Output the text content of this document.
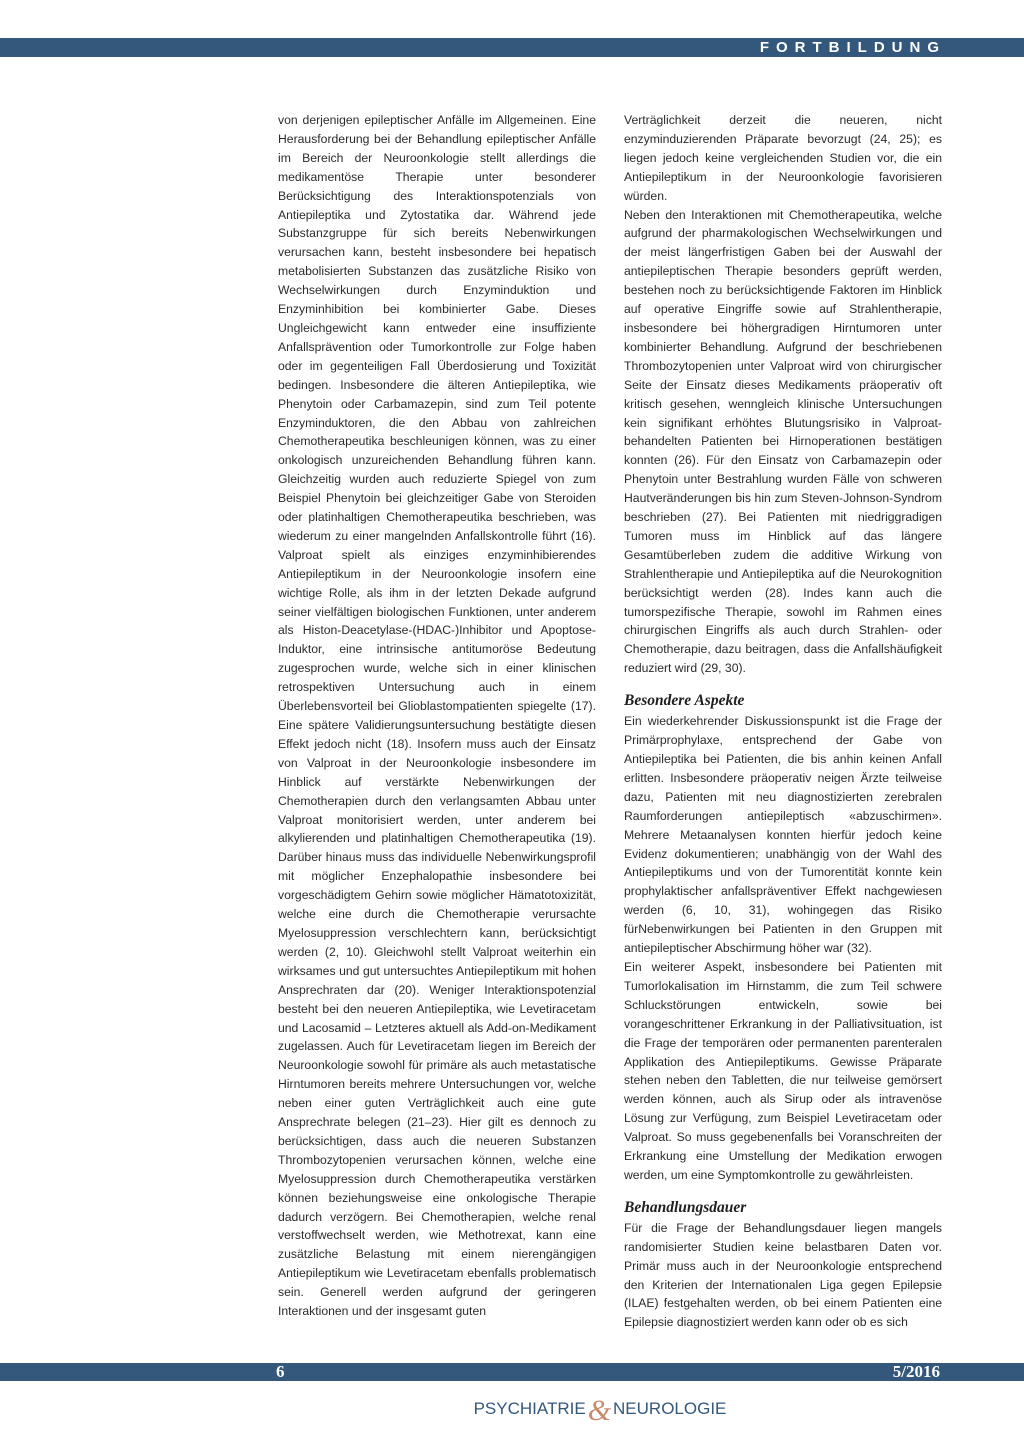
FORTBILDUNG

von derjenigen epileptischer Anfälle im Allgemeinen. Eine Herausforderung bei der Behandlung epileptischer Anfälle im Bereich der Neuroonkologie stellt allerdings die medikamentöse Therapie unter besonderer Berücksichtigung des Interaktionspotenzials von Antiepileptika und Zytostatika dar. Während jede Substanzgruppe für sich bereits Nebenwirkungen verursachen kann, besteht insbesondere bei hepatisch metabolisierten Substanzen das zusätzliche Risiko von Wechselwirkungen durch Enzyminduktion und Enzyminhibition bei kombinierter Gabe. Dieses Ungleichgewicht kann entweder eine insuffiziente Anfallsprävention oder Tumorkontrolle zur Folge haben oder im gegenteiligen Fall Überdosierung und Toxizität bedingen. Insbesondere die älteren Antiepileptika, wie Phenytoin oder Carbamazepin, sind zum Teil potente Enzyminduktoren, die den Abbau von zahlreichen Chemotherapeutika beschleunigen können, was zu einer onkologisch unzureichenden Behandlung führen kann. Gleichzeitig wurden auch reduzierte Spiegel von zum Beispiel Phenytoin bei gleichzeitiger Gabe von Steroiden oder platinhaltigen Chemotherapeutika beschrieben, was wiederum zu einer mangelnden Anfallskontrolle führt (16). Valproat spielt als einziges enzyminhibierendes Antiepileptikum in der Neuroonkologie insofern eine wichtige Rolle, als ihm in der letzten Dekade aufgrund seiner vielfältigen biologischen Funktionen, unter anderem als Histon-Deacetylase-(HDAC-)Inhibitor und Apoptose-Induktor, eine intrinsische antitumoröse Bedeutung zugesprochen wurde, welche sich in einer klinischen retrospektiven Untersuchung auch in einem Überlebensvorteil bei Glioblastompatienten spiegelte (17). Eine spätere Validierungsuntersuchung bestätigte diesen Effekt jedoch nicht (18). Insofern muss auch der Einsatz von Valproat in der Neuroonkologie insbesondere im Hinblick auf verstärkte Nebenwirkungen der Chemotherapien durch den verlangsamten Abbau unter Valproat monitorisiert werden, unter anderem bei alkylierenden und platinhaltigen Chemotherapeutika (19). Darüber hinaus muss das individuelle Nebenwirkungsprofil mit möglicher Enzephalopathie insbesondere bei vorgeschädigtem Gehirn sowie möglicher Hämatotoxizität, welche eine durch die Chemotherapie verursachte Myelosuppression verschlechtern kann, berücksichtigt werden (2, 10). Gleichwohl stellt Valproat weiterhin ein wirksames und gut untersuchtes Antiepileptikum mit hohen Ansprechraten dar (20). Weniger Interaktionspotenzial besteht bei den neueren Antiepileptika, wie Levetiracetam und Lacosamid – Letzteres aktuell als Add-on-Medikament zugelassen. Auch für Levetiracetam liegen im Bereich der Neuroonkologie sowohl für primäre als auch metastatische Hirntumoren bereits mehrere Untersuchungen vor, welche neben einer guten Verträglichkeit auch eine gute Ansprechrate belegen (21–23). Hier gilt es dennoch zu berücksichtigen, dass auch die neueren Substanzen Thrombozytopenien verursachen können, welche eine Myelosuppression durch Chemotherapeutika verstärken können beziehungsweise eine onkologische Therapie dadurch verzögern. Bei Chemotherapien, welche renal verstoffwechselt werden, wie Methotrexat, kann eine zusätzliche Belastung mit einem nierengängigen Antiepileptikum wie Levetiracetam ebenfalls problematisch sein. Generell werden aufgrund der geringeren Interaktionen und der insgesamt guten

Verträglichkeit derzeit die neueren, nicht enzyminduzierenden Präparate bevorzugt (24, 25); es liegen jedoch keine vergleichenden Studien vor, die ein Antiepileptikum in der Neuroonkologie favorisieren würden.

Neben den Interaktionen mit Chemotherapeutika, welche aufgrund der pharmakologischen Wechselwirkungen und der meist längerfristigen Gaben bei der Auswahl der antiepileptischen Therapie besonders geprüft werden, bestehen noch zu berücksichtigende Faktoren im Hinblick auf operative Eingriffe sowie auf Strahlentherapie, insbesondere bei höhergradigen Hirntumoren unter kombinierter Behandlung. Aufgrund der beschriebenen Thrombozytopenien unter Valproat wird von chirurgischer Seite der Einsatz dieses Medikaments präoperativ oft kritisch gesehen, wenngleich klinische Untersuchungen kein signifikant erhöhtes Blutungsrisiko in Valproat-behandelten Patienten bei Hirnoperationen bestätigen konnten (26). Für den Einsatz von Carbamazepin oder Phenytoin unter Bestrahlung wurden Fälle von schweren Hautveränderungen bis hin zum Steven-Johnson-Syndrom beschrieben (27). Bei Patienten mit niedriggradigen Tumoren muss im Hinblick auf das längere Gesamtüberleben zudem die additive Wirkung von Strahlentherapie und Antiepileptika auf die Neurokognition berücksichtigt werden (28). Indes kann auch die tumorspezifische Therapie, sowohl im Rahmen eines chirurgischen Eingriffs als auch durch Strahlen- oder Chemotherapie, dazu beitragen, dass die Anfallshäufigkeit reduziert wird (29, 30).

Besondere Aspekte

Ein wiederkehrender Diskussionspunkt ist die Frage der Primärprophylaxe, entsprechend der Gabe von Antiepileptika bei Patienten, die bis anhin keinen Anfall erlitten. Insbesondere präoperativ neigen Ärzte teilweise dazu, Patienten mit neu diagnostizierten zerebralen Raumforderungen antiepileptisch «abzuschirmen». Mehrere Metaanalysen konnten hierfür jedoch keine Evidenz dokumentieren; unabhängig von der Wahl des Antiepileptikums und von der Tumorentität konnte kein prophylaktischer anfallspräventiver Effekt nachgewiesen werden (6, 10, 31), wohingegen das Risiko fürNebenwirkungen bei Patienten in den Gruppen mit antiepileptischer Abschirmung höher war (32).

Ein weiterer Aspekt, insbesondere bei Patienten mit Tumorlokalisation im Hirnstamm, die zum Teil schwere Schluckstörungen entwickeln, sowie bei vorangeschrittener Erkrankung in der Palliativsituation, ist die Frage der temporären oder permanenten parenteralen Applikation des Antiepileptikums. Gewisse Präparate stehen neben den Tabletten, die nur teilweise gemörsert werden können, auch als Sirup oder als intravenöse Lösung zur Verfügung, zum Beispiel Levetiracetam oder Valproat. So muss gegebenenfalls bei Voranschreiten der Erkrankung eine Umstellung der Medikation erwogen werden, um eine Symptomkontrolle zu gewährleisten.

Behandlungsdauer

Für die Frage der Behandlungsdauer liegen mangels randomisierter Studien keine belastbaren Daten vor. Primär muss auch in der Neuroonkologie entsprechend den Kriterien der Internationalen Liga gegen Epilepsie (ILAE) festgehalten werden, ob bei einem Patienten eine Epilepsie diagnostiziert werden kann oder ob es sich

6	5/2016
PSYCHIATRIE & NEUROLOGIE
